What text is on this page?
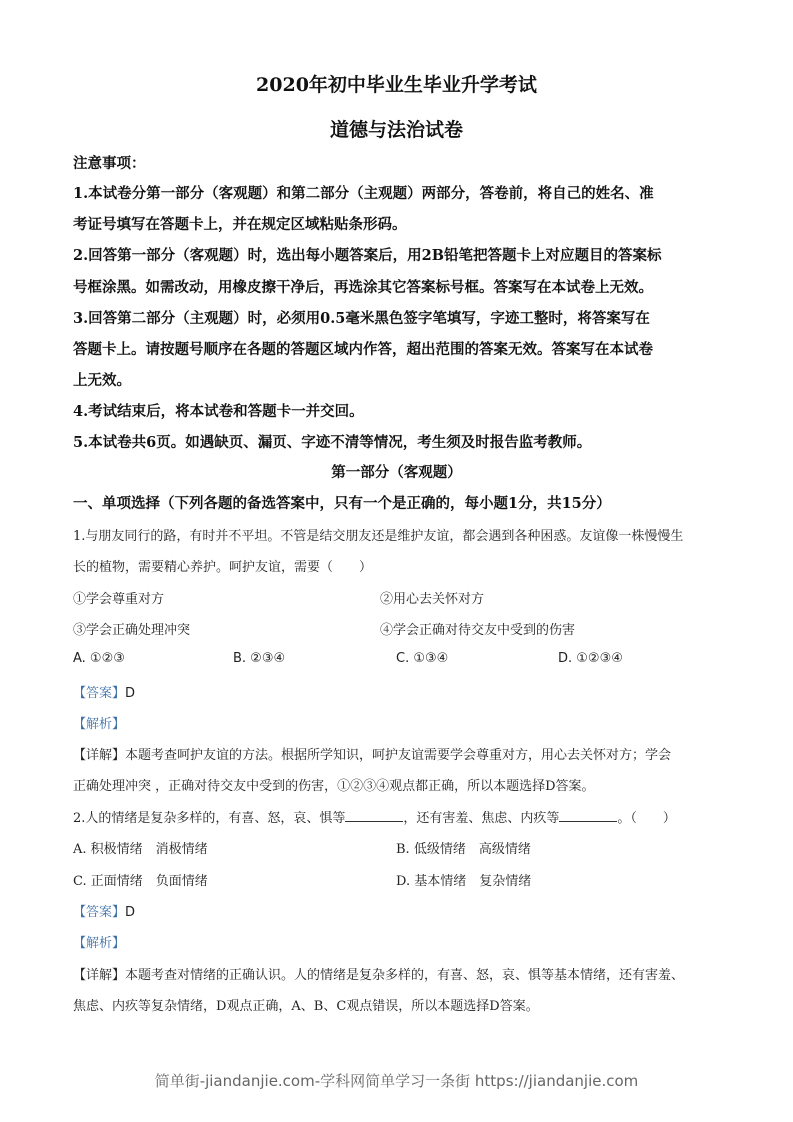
2020年初中毕业生毕业升学考试
道德与法治试卷
注意事项：
1.本试卷分第一部分（客观题）和第二部分（主观题）两部分，答卷前，将自己的姓名、准
考证号填写在答题卡上，并在规定区域粘贴条形码。
2.回答第一部分（客观题）时，选出每小题答案后，用2B铅笔把答题卡上对应题目的答案标
号框涂黑。如需改动，用橡皮擦干净后，再选涂其它答案标号框。答案写在本试卷上无效。
3.回答第二部分（主观题）时，必须用0.5毫米黑色签字笔填写，字迹工整时，将答案写在
答题卡上。请按题号顺序在各题的答题区域内作答，超出范围的答案无效。答案写在本试卷
上无效。
4.考试结束后，将本试卷和答题卡一并交回。
5.本试卷共6页。如遇缺页、漏页、字迹不清等情况，考生须及时报告监考教师。
第一部分（客观题）
一、单项选择（下列各题的备选答案中，只有一个是正确的，每小题1分，共15分）
1.与朋友同行的路，有时并不平坦。不管是结交朋友还是维护友谊，都会遇到各种困惑。友谊像一株慢慢生
长的植物，需要精心养护。呵护友谊，需要（　　）
①学会尊重对方	②用心去关怀对方
③学会正确处理冲突	④学会正确对待交友中受到的伤害
A. ①②③	B. ②③④	C. ①③④	D. ①②③④
【答案】D
【解析】
【详解】本题考查呵护友谊的方法。根据所学知识，呵护友谊需要学会尊重对方，用心去关怀对方；学会
正确处理冲突 ，正确对待交友中受到的伤害，①②③④观点都正确，所以本题选择D答案。
2.人的情绪是复杂多样的，有喜、怒，哀、惧等	，还有害羞、焦虑、内疚等	。（　　）
A. 积极情绪　消极情绪	B. 低级情绪　高级情绪
C. 正面情绪　负面情绪	D. 基本情绪　复杂情绪
【答案】D
【解析】
【详解】本题考查对情绪的正确认识。人的情绪是复杂多样的，有喜、怒，哀、惧等基本情绪，还有害羞、
焦虑、内疚等复杂情绪，D观点正确，A、B、C观点错误，所以本题选择D答案。
简单街-jiandanjie.com-学科网简单学习一条街 https://jiandanjie.com
